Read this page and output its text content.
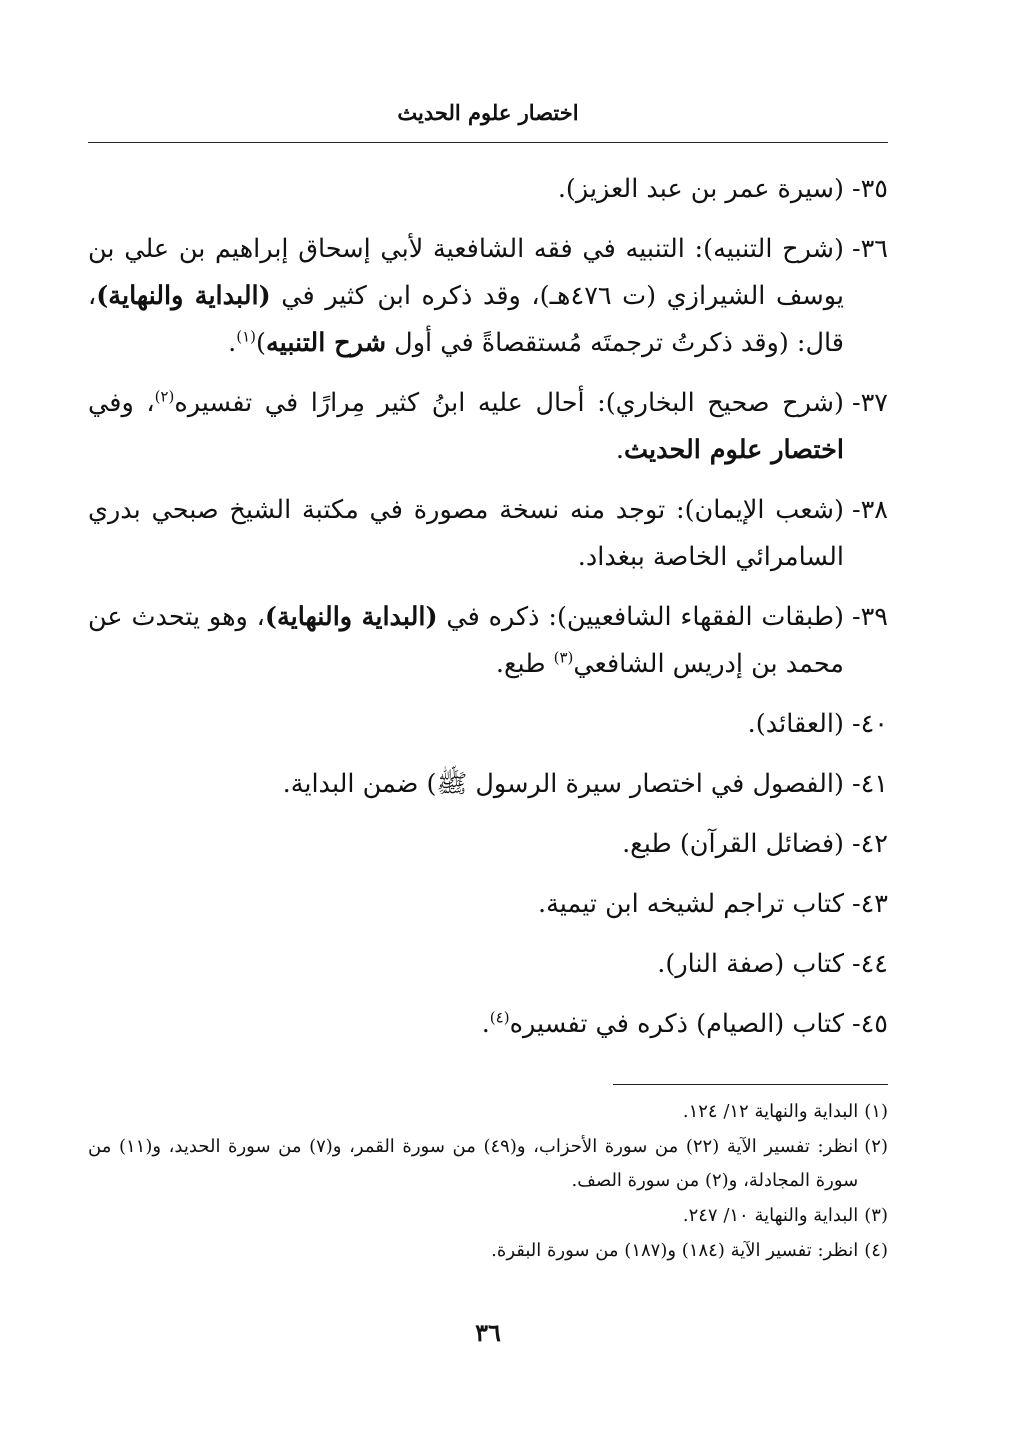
اختصار علوم الحديث
٣٥-
(سيرة عمر بن عبد العزيز).
٣٦-
(شرح التنبيه): التنبيه في فقه الشافعية لأبي إسحاق إبراهيم بن علي بن يوسف الشيرازي (ت ٤٧٦هـ)، وقد ذكره ابن كثير في (البداية والنهاية)، قال: (وقد ذكرتُ ترجمتَه مُستقصاةً في أول شرح التنبيه)$^{(١)}$.
٣٧-
(شرح صحيح البخاري): أحال عليه ابنُ كثير مِرارًا في تفسيره$^{(٢)}$، وفي اختصار علوم الحديث.
٣٨-
(شعب الإيمان): توجد منه نسخة مصورة في مكتبة الشيخ صبحي بدري السامرائي الخاصة ببغداد.
٣٩-
(طبقات الفقهاء الشافعيين): ذكره في (البداية والنهاية)، وهو يتحدث عن محمد بن إدريس الشافعي$^{(٣)}$ طبع.
٤٠-
(العقائد).
٤١-
(الفصول في اختصار سيرة الرسول ﷺ) ضمن البداية.
٤٢-
(فضائل القرآن) طبع.
٤٣-
كتاب تراجم لشيخه ابن تيمية.
٤٤-
كتاب (صفة النار).
٤٥-
كتاب (الصيام) ذكره في تفسيره$^{(٤)}$.
(١)
البداية والنهاية ١٢/ ١٢٤.
(٢)
انظر: تفسير الآية (٢٢) من سورة الأحزاب، و(٤٩) من سورة القمر، و(٧) من سورة الحديد، و(١١) من سورة المجادلة، و(٢) من سورة الصف.
(٣)
البداية والنهاية ١٠/ ٢٤٧.
(٤)
انظر: تفسير الآية (١٨٤) و(١٨٧) من سورة البقرة.
٣٦
